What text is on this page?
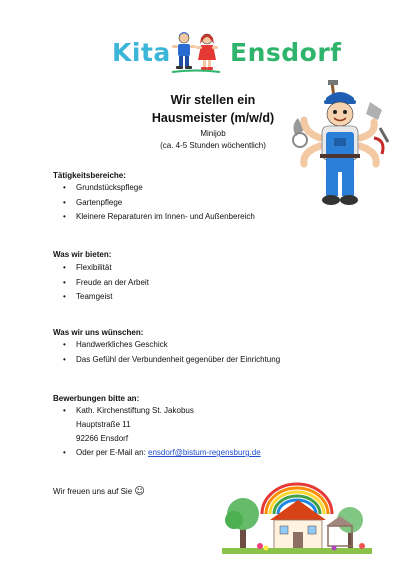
Kita Ensdorf
Wir stellen ein
Hausmeister (m/w/d)
Minijob
(ca. 4-5 Stunden wöchentlich)
Tätigkeitsbereiche:
• Grundstückspflege
• Gartenpflege
• Kleinere Reparaturen im Innen- und Außenbereich
Was wir bieten:
• Flexibilität
• Freude an der Arbeit
• Teamgeist
Was wir uns wünschen:
• Handwerkliches Geschick
• Das Gefühl der Verbundenheit gegenüber der Einrichtung
Bewerbungen bitte an:
• Kath. Kirchenstiftung St. Jakobus
Hauptstraße 11
92266 Ensdorf
• Oder per E-Mail an: ensdorf@bistum-regensburg.de
Wir freuen uns auf Sie ☺
